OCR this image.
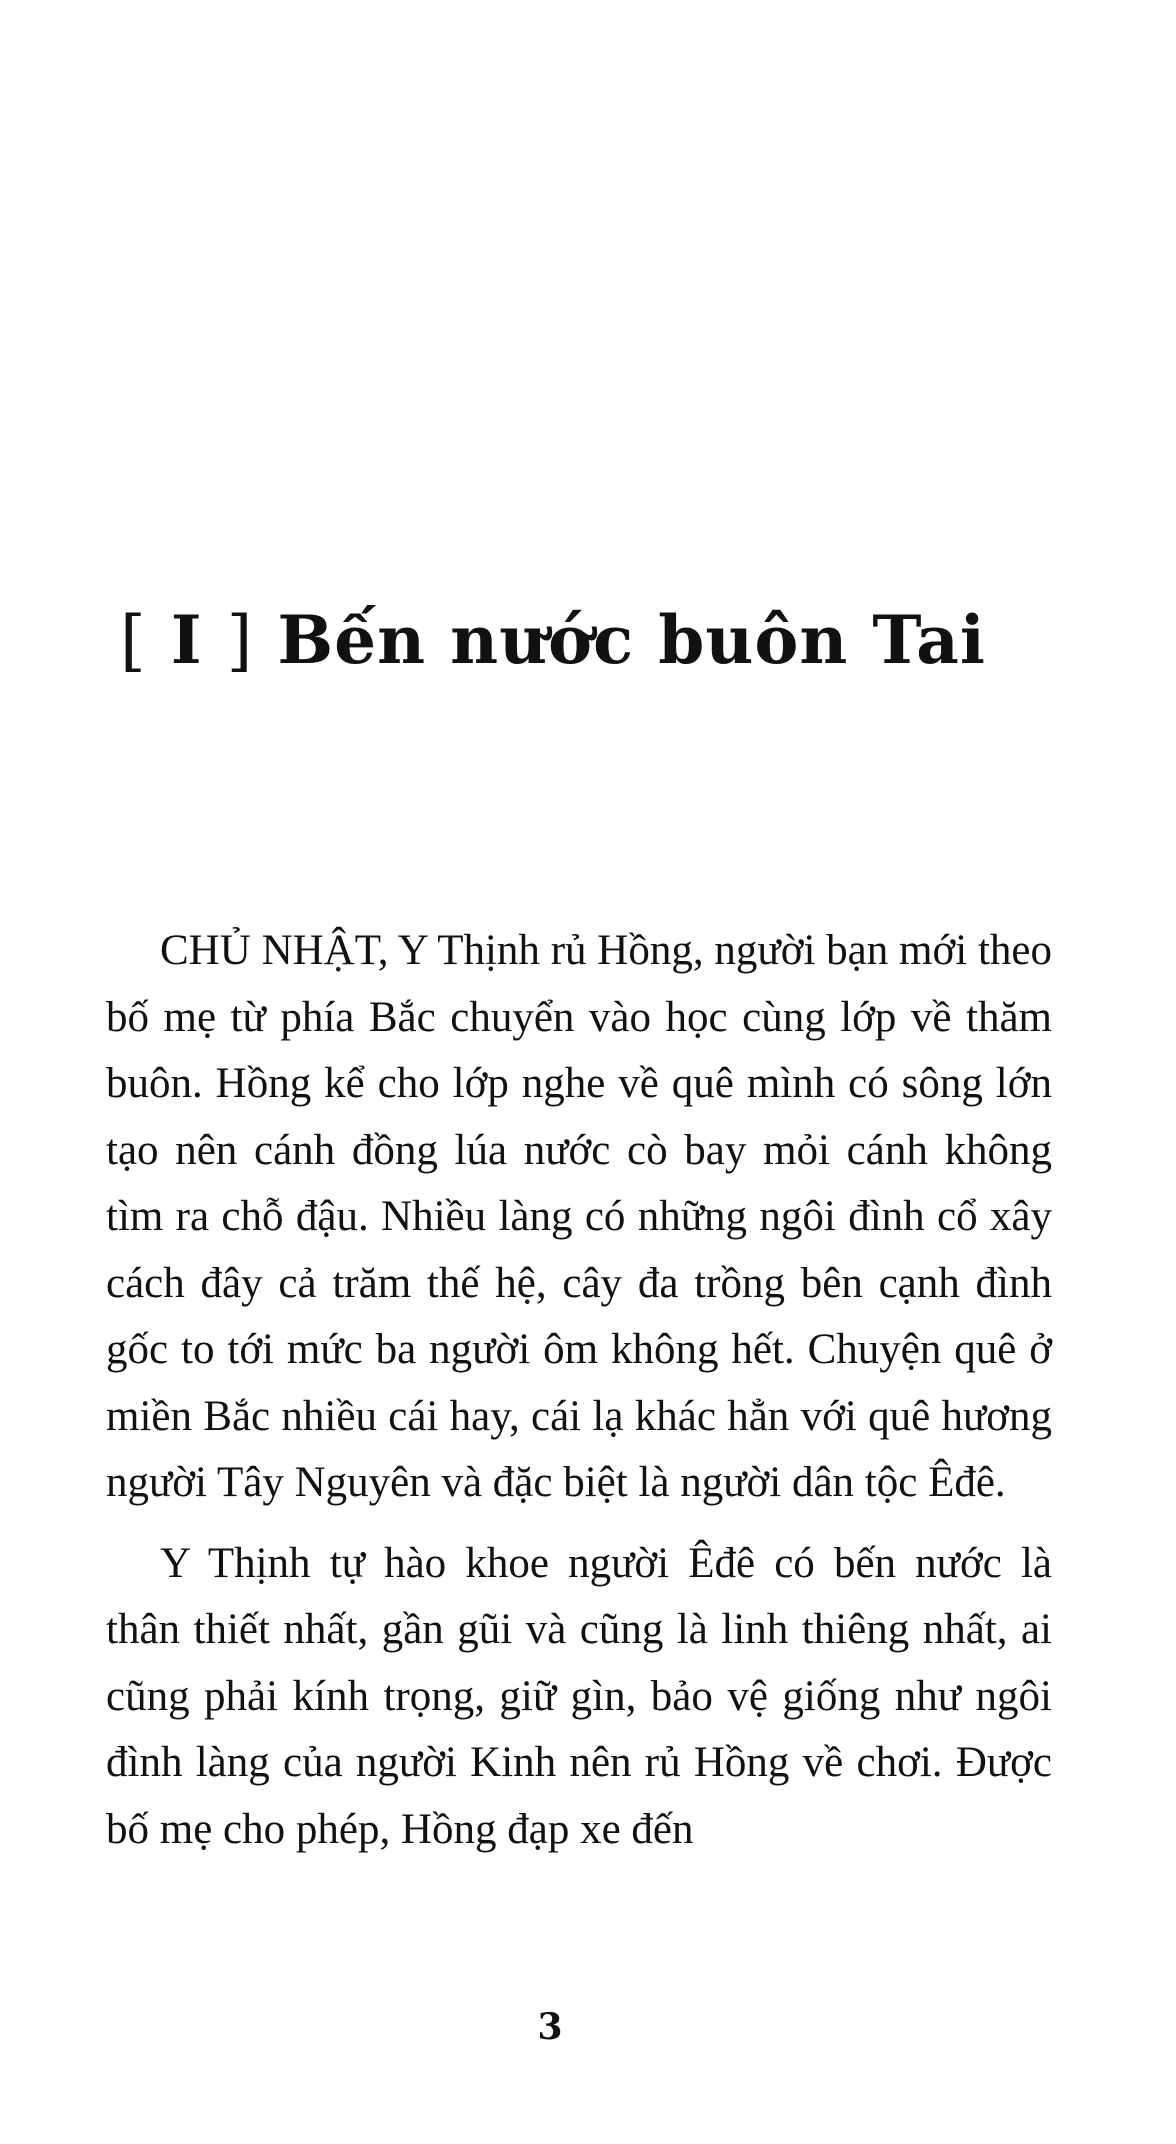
[ I ] Bến nước buôn Tai

CHỦ NHẬT, Y Thịnh rủ Hồng, người bạn mới theo bố mẹ từ phía Bắc chuyển vào học cùng lớp về thăm buôn. Hồng kể cho lớp nghe về quê mình có sông lớn tạo nên cánh đồng lúa nước cò bay mỏi cánh không tìm ra chỗ đậu. Nhiều làng có những ngôi đình cổ xây cách đây cả trăm thế hệ, cây đa trồng bên cạnh đình gốc to tới mức ba người ôm không hết. Chuyện quê ở miền Bắc nhiều cái hay, cái lạ khác hẳn với quê hương người Tây Nguyên và đặc biệt là người dân tộc Êđê.

Y Thịnh tự hào khoe người Êđê có bến nước là thân thiết nhất, gần gũi và cũng là linh thiêng nhất, ai cũng phải kính trọng, giữ gìn, bảo vệ giống như ngôi đình làng của người Kinh nên rủ Hồng về chơi. Được bố mẹ cho phép, Hồng đạp xe đến

3
